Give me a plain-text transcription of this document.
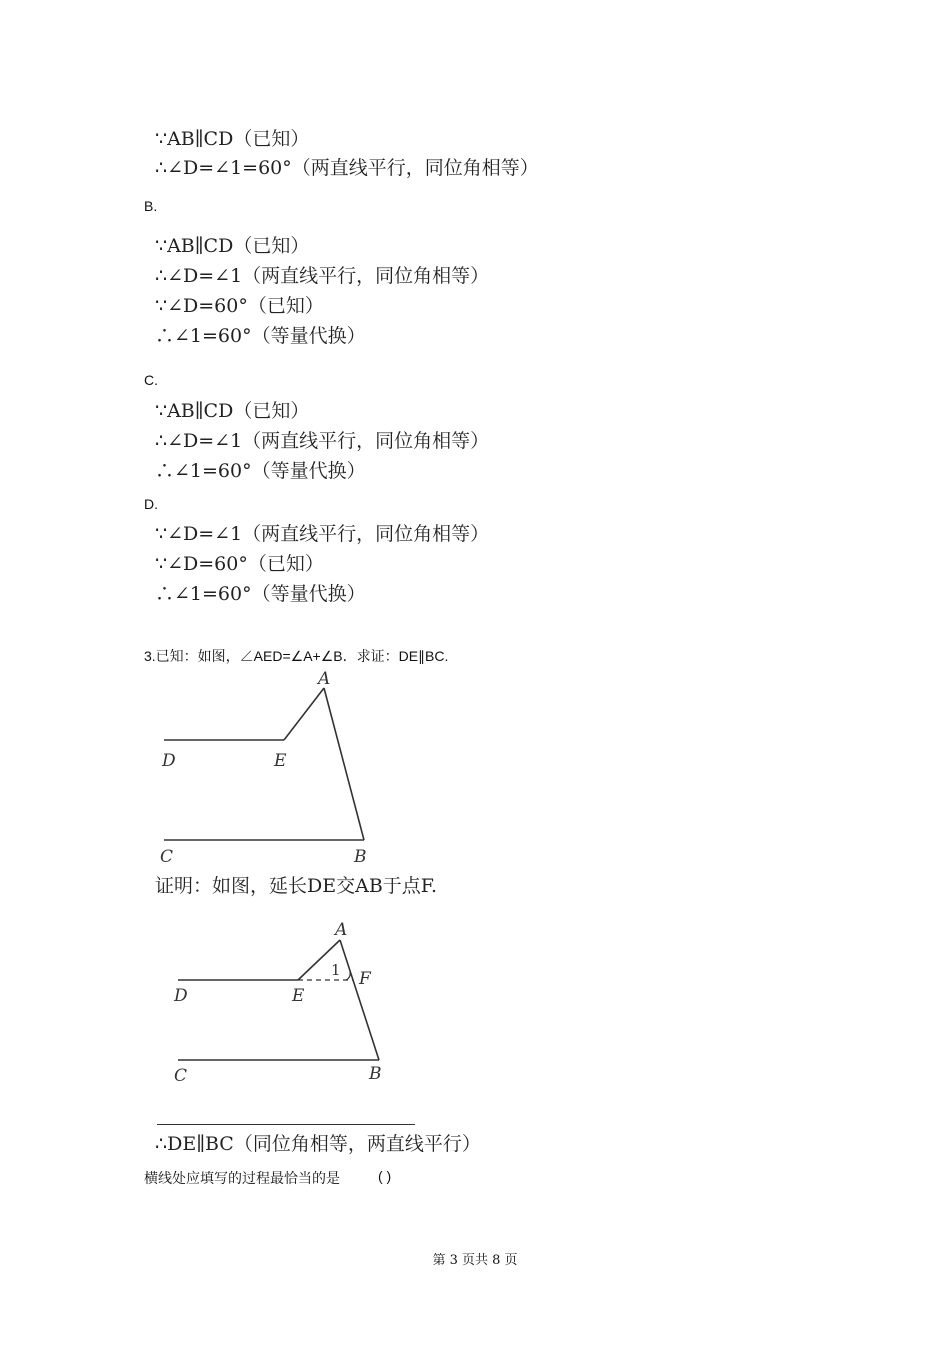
∵AB∥CD（已知）
∴∠D=∠1=60°（两直线平行，同位角相等）
B.
∵AB∥CD（已知）
∴∠D=∠1（两直线平行，同位角相等）
∵∠D=60°（已知）
∴∠1=60°（等量代换）
C.
∵AB∥CD（已知）
∴∠D=∠1（两直线平行，同位角相等）
∴∠1=60°（等量代换）
D.
∵∠D=∠1（两直线平行，同位角相等）
∵∠D=60°（已知）
∴∠1=60°（等量代换）
3.已知：如图，∠AED=∠A+∠B．求证：DE∥BC.
A
D	E
C	B
证明：如图，延长DE交AB于点F.
A
1 F
D	E
C	B
∴DE∥BC（同位角相等，两直线平行）
横线处应填写的过程最恰当的是	( )
第 3 页共 8 页
